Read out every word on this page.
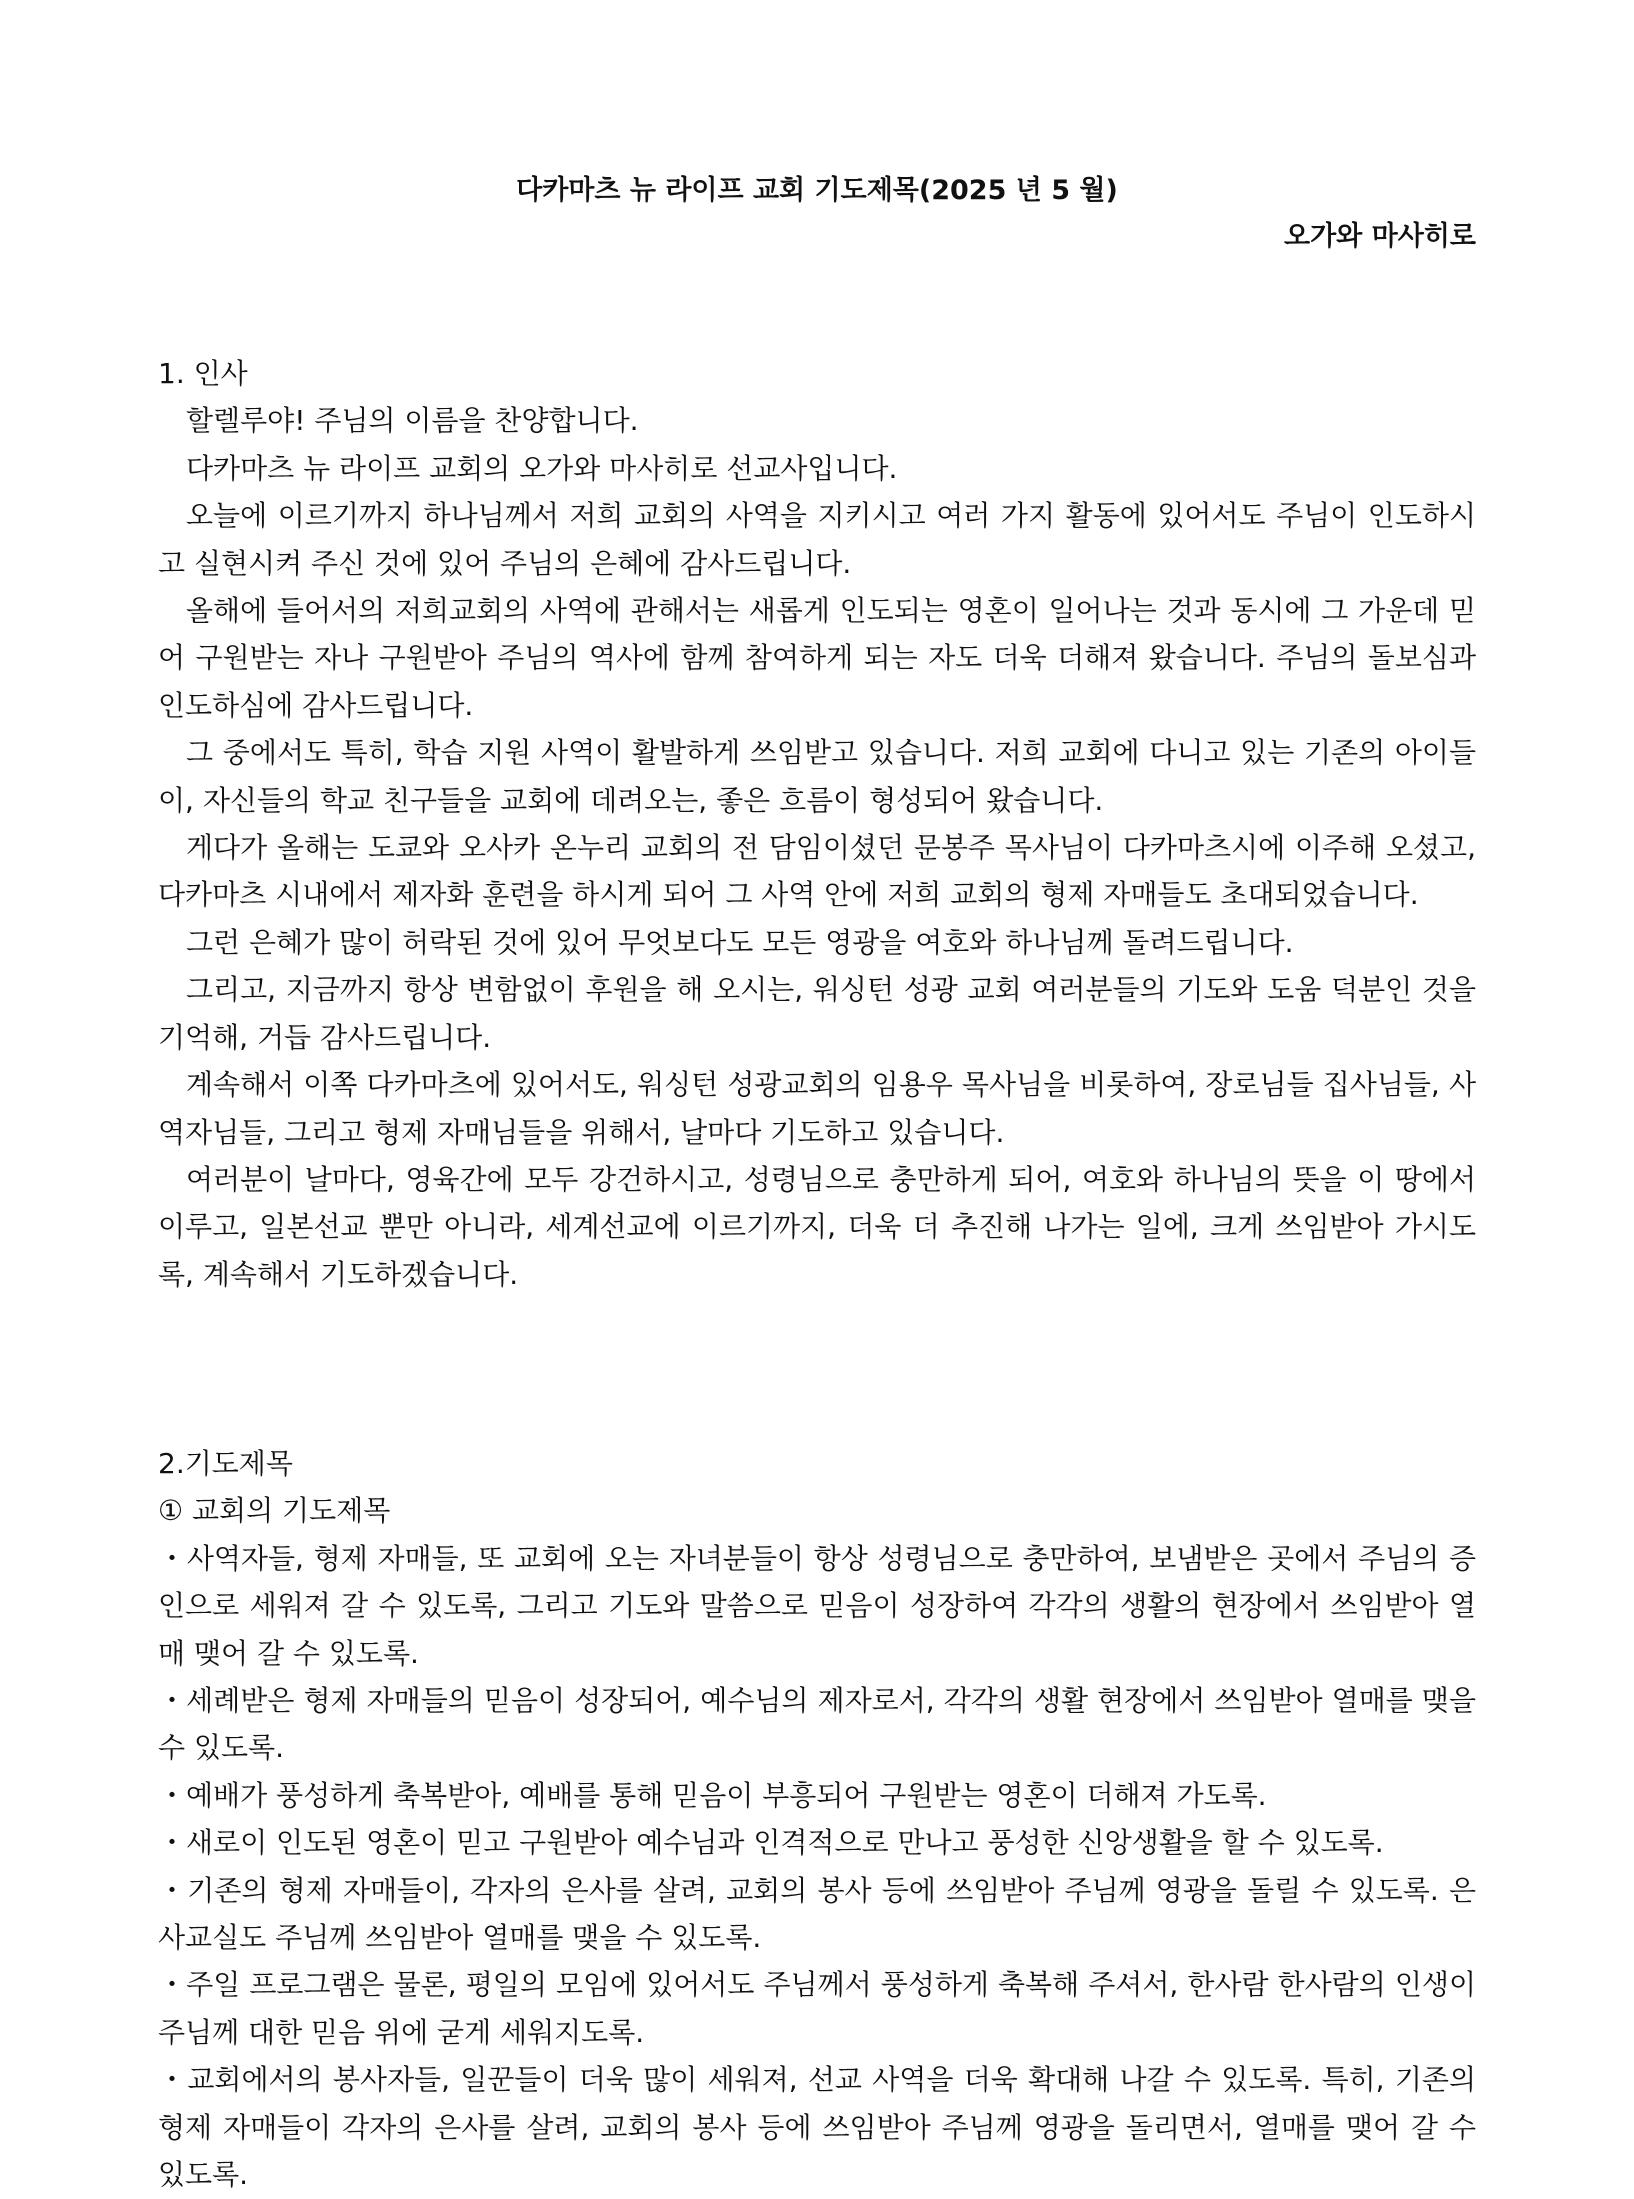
다카마츠 뉴 라이프 교회 기도제목(2025 년 5 월)
오가와 마사히로

1. 인사

할렐루야! 주님의 이름을 찬양합니다.

다카마츠 뉴 라이프 교회의 오가와 마사히로 선교사입니다.

오늘에 이르기까지 하나님께서 저희 교회의 사역을 지키시고 여러 가지 활동에 있어서도 주님이 인도하시고 실현시켜 주신 것에 있어 주님의 은혜에 감사드립니다.

올해에 들어서의 저희교회의 사역에 관해서는 새롭게 인도되는 영혼이 일어나는 것과 동시에 그 가운데 믿어 구원받는 자나 구원받아 주님의 역사에 함께 참여하게 되는 자도 더욱 더해져 왔습니다. 주님의 돌보심과 인도하심에 감사드립니다.

그 중에서도 특히, 학습 지원 사역이 활발하게 쓰임받고 있습니다. 저희 교회에 다니고 있는 기존의 아이들이, 자신들의 학교 친구들을 교회에 데려오는, 좋은 흐름이 형성되어 왔습니다.

게다가 올해는 도쿄와 오사카 온누리 교회의 전 담임이셨던 문봉주 목사님이 다카마츠시에 이주해 오셨고, 다카마츠 시내에서 제자화 훈련을 하시게 되어 그 사역 안에 저희 교회의 형제 자매들도 초대되었습니다.

그런 은혜가 많이 허락된 것에 있어 무엇보다도 모든 영광을 여호와 하나님께 돌려드립니다.

그리고, 지금까지 항상 변함없이 후원을 해 오시는, 워싱턴 성광 교회 여러분들의 기도와 도움 덕분인 것을 기억해, 거듭 감사드립니다.

계속해서 이쪽 다카마츠에 있어서도, 워싱턴 성광교회의 임용우 목사님을 비롯하여, 장로님들 집사님들, 사역자님들, 그리고 형제 자매님들을 위해서, 날마다 기도하고 있습니다.

여러분이 날마다, 영육간에 모두 강건하시고, 성령님으로 충만하게 되어, 여호와 하나님의 뜻을 이 땅에서 이루고, 일본선교 뿐만 아니라, 세계선교에 이르기까지, 더욱 더 추진해 나가는 일에, 크게 쓰임받아 가시도록, 계속해서 기도하겠습니다.

2.기도제목

① 교회의 기도제목

・사역자들, 형제 자매들, 또 교회에 오는 자녀분들이 항상 성령님으로 충만하여, 보냄받은 곳에서 주님의 증인으로 세워져 갈 수 있도록, 그리고 기도와 말씀으로 믿음이 성장하여 각각의 생활의 현장에서 쓰임받아 열매 맺어 갈 수 있도록.

・세례받은 형제 자매들의 믿음이 성장되어, 예수님의 제자로서, 각각의 생활 현장에서 쓰임받아 열매를 맺을 수 있도록.

・예배가 풍성하게 축복받아, 예배를 통해 믿음이 부흥되어 구원받는 영혼이 더해져 가도록.

・새로이 인도된 영혼이 믿고 구원받아 예수님과 인격적으로 만나고 풍성한 신앙생활을 할 수 있도록.

・기존의 형제 자매들이, 각자의 은사를 살려, 교회의 봉사 등에 쓰임받아 주님께 영광을 돌릴 수 있도록. 은사교실도 주님께 쓰임받아 열매를 맺을 수 있도록.

・주일 프로그램은 물론, 평일의 모임에 있어서도 주님께서 풍성하게 축복해 주셔서, 한사람 한사람의 인생이 주님께 대한 믿음 위에 굳게 세워지도록.

・교회에서의 봉사자들, 일꾼들이 더욱 많이 세워져, 선교 사역을 더욱 확대해 나갈 수 있도록. 특히, 기존의 형제 자매들이 각자의 은사를 살려, 교회의 봉사 등에 쓰임받아 주님께 영광을 돌리면서, 열매를 맺어 갈 수 있도록.
